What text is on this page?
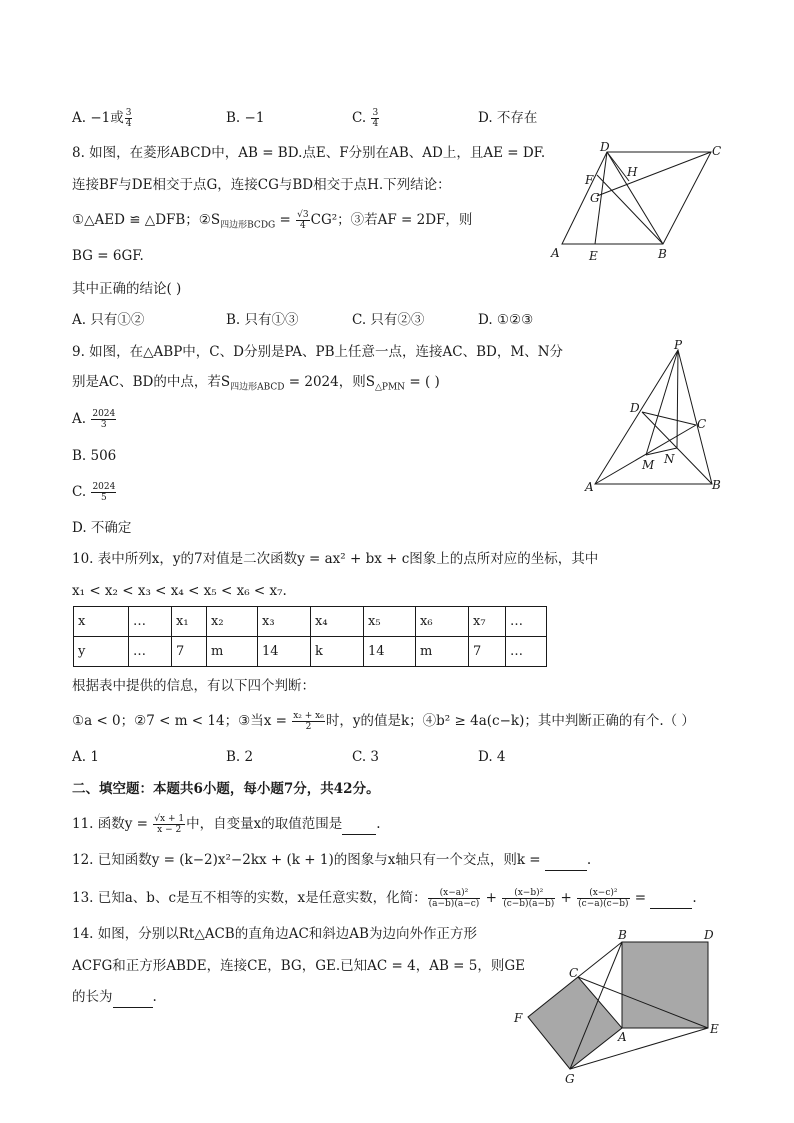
A. −1或 $\frac{3}{4}$	B. −1	C. $\frac{3}{4}$	D. 不存在
8. 如图，在菱形ABCD中，AB = BD.点E、F分别在AB、AD上，且AE = DF.
连接BF与DE相交于点G，连接CG与BD相交于点H.下列结论：
①△AED ≌ △DFB；$②S_{四边形BCDG} = \frac{√3}{4} CG^2$；③若AF = 2DF，则
BG = 6GF.
其中正确的结论( )
A. 只有①②	B. 只有①③	C. 只有②③	D. ①②③
D	C
F
H
G
A E	B
9. 如图，在△ABP中，C、D分别是PA、PB上任意一点，连接AC、BD，M、N分
别是AC、BD的中点，若$S_{四边形ABCD} = 2024$，则$S_{\triangle PMN}$ = ( )
A. $\frac{2024}{3}$
B. 506
C. $\frac{2024}{5}$
D. 不确定
P
D
C
M N
A	B
10. 表中所列x，y的7对值是二次函数y = ax² + bx + c图象上的点所对应的坐标，其中
x₁ < x₂ < x₃ < x₄ < x₅ < x₆ < x₇.
x	…	x₁	x₂	x₃	x₄	x₅	x₆	x₇	…
y	…	7	m	14	k	14	m	7	…
根据表中提供的信息，有以下四个判断：
①a < 0；②7 < m < 14；③当$x = \frac{\text{x₂ + x₆}}{2}$ 时，y的值是k；④b² ≥ 4a(c−k)；其中判断正确的有个.（ ）
A. 1	B. 2	C. 3	D. 4
二、填空题：本题共6小题，每小题7分，共42分。
11. 函数$y = \frac{√x + 1}{x - 2}$ 中，自变量x的取值范围是	.
12. 已知函数y = (k−2)x²−2kx + (k + 1)的图象与x轴只有一个交点，则k =	.
13. 已知a、b、c是互不相等的实数，x是任意实数，化简： $\frac{\text{(x−a)²}}{(a-b)(a-c)} + \frac{\text{(x−b)²}}{(c-b)(a-b)} + \frac{\text{(x−c)²}}{(c-a)(c-b)}$ =	.
14. 如图，分别以Rt△ACB的直角边AC和斜边AB为边向外作正方形
ACFG和正方形ABDE，连接CE，BG，GE.已知AC = 4，AB = 5，则GE
的长为	.
B	D
C
F
A
E
G
